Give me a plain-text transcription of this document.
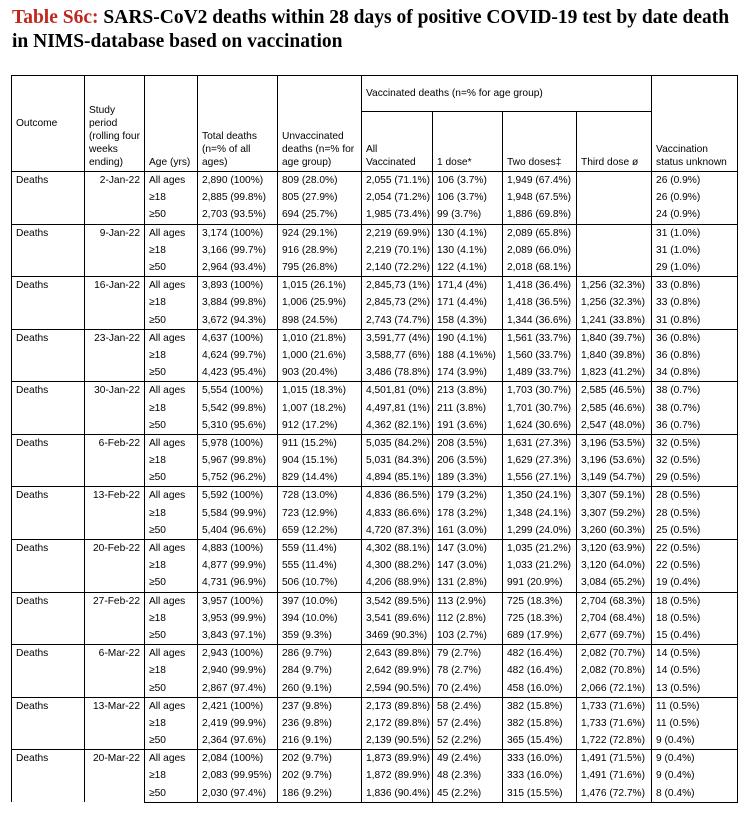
Table S6c: SARS-CoV2 deaths within 28 days of positive COVID-19 test by date death in NIMS-database based on vaccination
Outcome	Study period (rolling four weeks ending)	Age (yrs)	Total deaths (n=% of all ages)	Unvaccinated deaths (n=% for age group)	Vaccinated deaths (n=% for age group)				Vaccination status unknown
					All Vaccinated	1 dose*	Two doses‡	Third dose ø	
Deaths	2-Jan-22	All ages	2,890 (100%)	809 (28.0%)	2,055 (71.1%)	106 (3.7%)	1,949 (67.4%)		26 (0.9%)
		≥18	2,885 (99.8%)	805 (27.9%)	2,054 (71.2%)	106 (3.7%)	1,948 (67.5%)		26 (0.9%)
		≥50	2,703 (93.5%)	694 (25.7%)	1,985 (73.4%)	99 (3.7%)	1,886 (69.8%)		24 (0.9%)
Deaths	9-Jan-22	All ages	3,174 (100%)	924 (29.1%)	2,219 (69.9%)	130 (4.1%)	2,089 (65.8%)		31 (1.0%)
		≥18	3,166 (99.7%)	916 (28.9%)	2,219 (70.1%)	130 (4.1%)	2,089 (66.0%)		31 (1.0%)
		≥50	2,964 (93.4%)	795 (26.8%)	2,140 (72.2%)	122 (4.1%)	2,018 (68.1%)		29 (1.0%)
Deaths	16-Jan-22	All ages	3,893 (100%)	1,015 (26.1%)	2,845,73 (1%)	171,4 (4%)	1,418 (36.4%)	1,256 (32.3%)	33 (0.8%)
		≥18	3,884 (99.8%)	1,006 (25.9%)	2,845,73 (2%)	171 (4.4%)	1,418 (36.5%)	1,256 (32.3%)	33 (0.8%)
		≥50	3,672 (94.3%)	898 (24.5%)	2,743 (74.7%)	158 (4.3%)	1,344 (36.6%)	1,241 (33.8%)	31 (0.8%)
Deaths	23-Jan-22	All ages	4,637 (100%)	1,010 (21.8%)	3,591,77 (4%)	190 (4.1%)	1,561 (33.7%)	1,840 (39.7%)	36 (0.8%)
		≥18	4,624 (99.7%)	1,000 (21.6%)	3,588,77 (6%)	188 (4.1%%)	1,560 (33.7%)	1,840 (39.8%)	36 (0.8%)
		≥50	4,423 (95.4%)	903 (20.4%)	3,486 (78.8%)	174 (3.9%)	1,489 (33.7%)	1,823 (41.2%)	34 (0.8%)
Deaths	30-Jan-22	All ages	5,554 (100%)	1,015 (18.3%)	4,501,81 (0%)	213 (3.8%)	1,703 (30.7%)	2,585 (46.5%)	38 (0.7%)
		≥18	5,542 (99.8%)	1,007 (18.2%)	4,497,81 (1%)	211 (3.8%)	1,701 (30.7%)	2,585 (46.6%)	38 (0.7%)
		≥50	5,310 (95.6%)	912 (17.2%)	4,362 (82.1%)	191 (3.6%)	1,624 (30.6%)	2,547 (48.0%)	36 (0.7%)
Deaths	6-Feb-22	All ages	5,978 (100%)	911 (15.2%)	5,035 (84.2%)	208 (3.5%)	1,631 (27.3%)	3,196 (53.5%)	32 (0.5%)
		≥18	5,967 (99.8%)	904 (15.1%)	5,031 (84.3%)	206 (3.5%)	1,629 (27.3%)	3,196 (53.6%)	32 (0.5%)
		≥50	5,752 (96.2%)	829 (14.4%)	4,894 (85.1%)	189 (3.3%)	1,556 (27.1%)	3,149 (54.7%)	29 (0.5%)
Deaths	13-Feb-22	All ages	5,592 (100%)	728 (13.0%)	4,836 (86.5%)	179 (3.2%)	1,350 (24.1%)	3,307 (59.1%)	28 (0.5%)
		≥18	5,584 (99.9%)	723 (12.9%)	4,833 (86.6%)	178 (3.2%)	1,348 (24.1%)	3,307 (59.2%)	28 (0.5%)
		≥50	5,404 (96.6%)	659 (12.2%)	4,720 (87.3%)	161 (3.0%)	1,299 (24.0%)	3,260 (60.3%)	25 (0.5%)
Deaths	20-Feb-22	All ages	4,883 (100%)	559 (11.4%)	4,302 (88.1%)	147 (3.0%)	1,035 (21.2%)	3,120 (63.9%)	22 (0.5%)
		≥18	4,877 (99.9%)	555 (11.4%)	4,300 (88.2%)	147 (3.0%)	1,033 (21.2%)	3,120 (64.0%)	22 (0.5%)
		≥50	4,731 (96.9%)	506 (10.7%)	4,206 (88.9%)	131 (2.8%)	991 (20.9%)	3,084 (65.2%)	19 (0.4%)
Deaths	27-Feb-22	All ages	3,957 (100%)	397 (10.0%)	3,542 (89.5%)	113 (2.9%)	725 (18.3%)	2,704 (68.3%)	18 (0.5%)
		≥18	3,953 (99.9%)	394 (10.0%)	3,541 (89.6%)	112 (2.8%)	725 (18.3%)	2,704 (68.4%)	18 (0.5%)
		≥50	3,843 (97.1%)	359 (9.3%)	3469 (90.3%)	103 (2.7%)	689 (17.9%)	2,677 (69.7%)	15 (0.4%)
Deaths	6-Mar-22	All ages	2,943 (100%)	286 (9.7%)	2,643 (89.8%)	79 (2.7%)	482 (16.4%)	2,082 (70.7%)	14 (0.5%)
		≥18	2,940 (99.9%)	284 (9.7%)	2,642 (89.9%)	78 (2.7%)	482 (16.4%)	2,082 (70.8%)	14 (0.5%)
		≥50	2,867 (97.4%)	260 (9.1%)	2,594 (90.5%)	70 (2.4%)	458 (16.0%)	2,066 (72.1%)	13 (0.5%)
Deaths	13-Mar-22	All ages	2,421 (100%)	237 (9.8%)	2,173 (89.8%)	58 (2.4%)	382 (15.8%)	1,733 (71.6%)	11 (0.5%)
		≥18	2,419 (99.9%)	236 (9.8%)	2,172 (89.8%)	57 (2.4%)	382 (15.8%)	1,733 (71.6%)	11 (0.5%)
		≥50	2,364 (97.6%)	216 (9.1%)	2,139 (90.5%)	52 (2.2%)	365 (15.4%)	1,722 (72.8%)	9 (0.4%)
Deaths	20-Mar-22	All ages	2,084 (100%)	202 (9.7%)	1,873 (89.9%)	49 (2.4%)	333 (16.0%)	1,491 (71.5%)	9 (0.4%)
		≥18	2,083 (99.95%)	202 (9.7%)	1,872 (89.9%)	48 (2.3%)	333 (16.0%)	1,491 (71.6%)	9 (0.4%)
		≥50	2,030 (97.4%)	186 (9.2%)	1,836 (90.4%)	45 (2.2%)	315 (15.5%)	1,476 (72.7%)	8 (0.4%)
